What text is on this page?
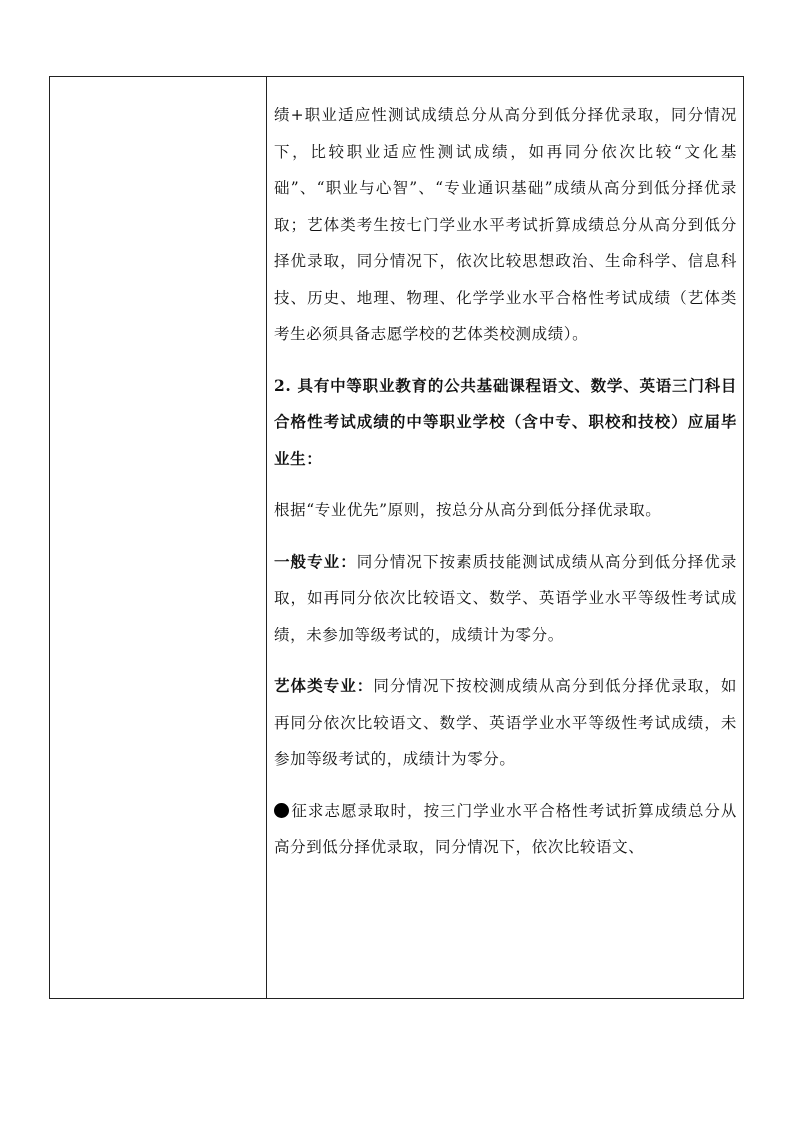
绩+职业适应性测试成绩总分从高分到低分择优录取，同分情况下，比较职业适应性测试成绩，如再同分依次比较“文化基础”、“职业与心智”、“专业通识基础”成绩从高分到低分择优录取；艺体类考生按七门学业水平考试折算成绩总分从高分到低分择优录取，同分情况下，依次比较思想政治、生命科学、信息科技、历史、地理、物理、化学学业水平合格性考试成绩（艺体类考生必须具备志愿学校的艺体类校测成绩）。

2. 具有中等职业教育的公共基础课程语文、数学、英语三门科目合格性考试成绩的中等职业学校（含中专、职校和技校）应届毕业生：

根据“专业优先”原则，按总分从高分到低分择优录取。

一般专业：同分情况下按素质技能测试成绩从高分到低分择优录取，如再同分依次比较语文、数学、英语学业水平等级性考试成绩，未参加等级考试的，成绩计为零分。

艺体类专业：同分情况下按校测成绩从高分到低分择优录取，如再同分依次比较语文、数学、英语学业水平等级性考试成绩，未参加等级考试的，成绩计为零分。

征求志愿录取时，按三门学业水平合格性考试折算成绩总分从高分到低分择优录取，同分情况下，依次比较语文、
